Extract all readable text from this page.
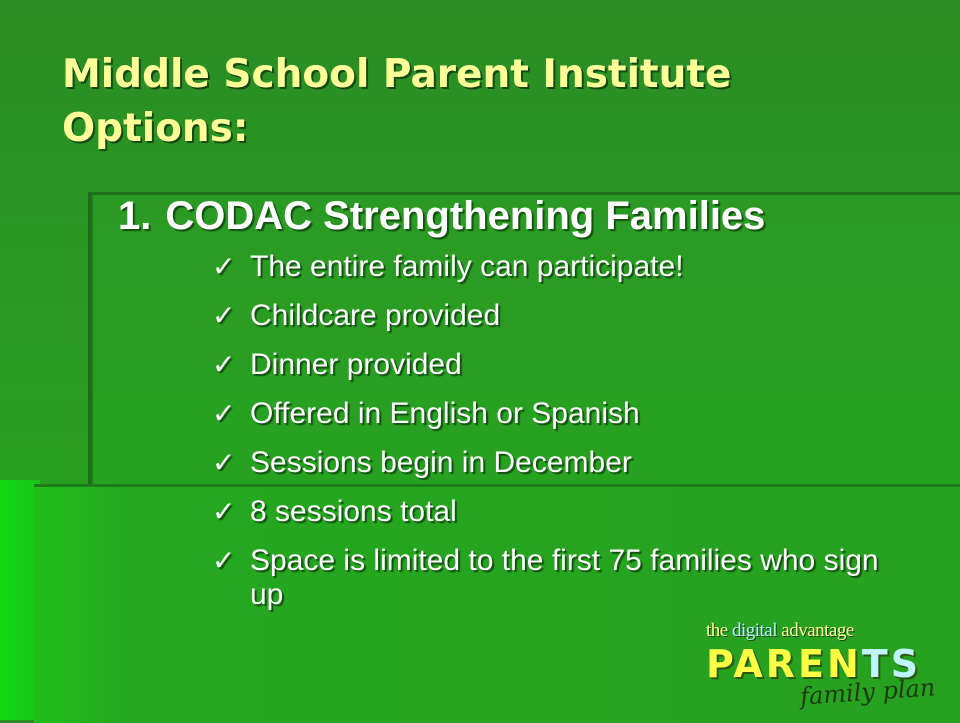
Middle School Parent Institute Options:
1. CODAC Strengthening Families
✓ The entire family can participate!
✓ Childcare provided
✓ Dinner provided
✓ Offered in English or Spanish
✓ Sessions begin in December
✓ 8 sessions total
✓ Space is limited to the first 75 families who sign up
the digital advantage
PARENTS
family plan
